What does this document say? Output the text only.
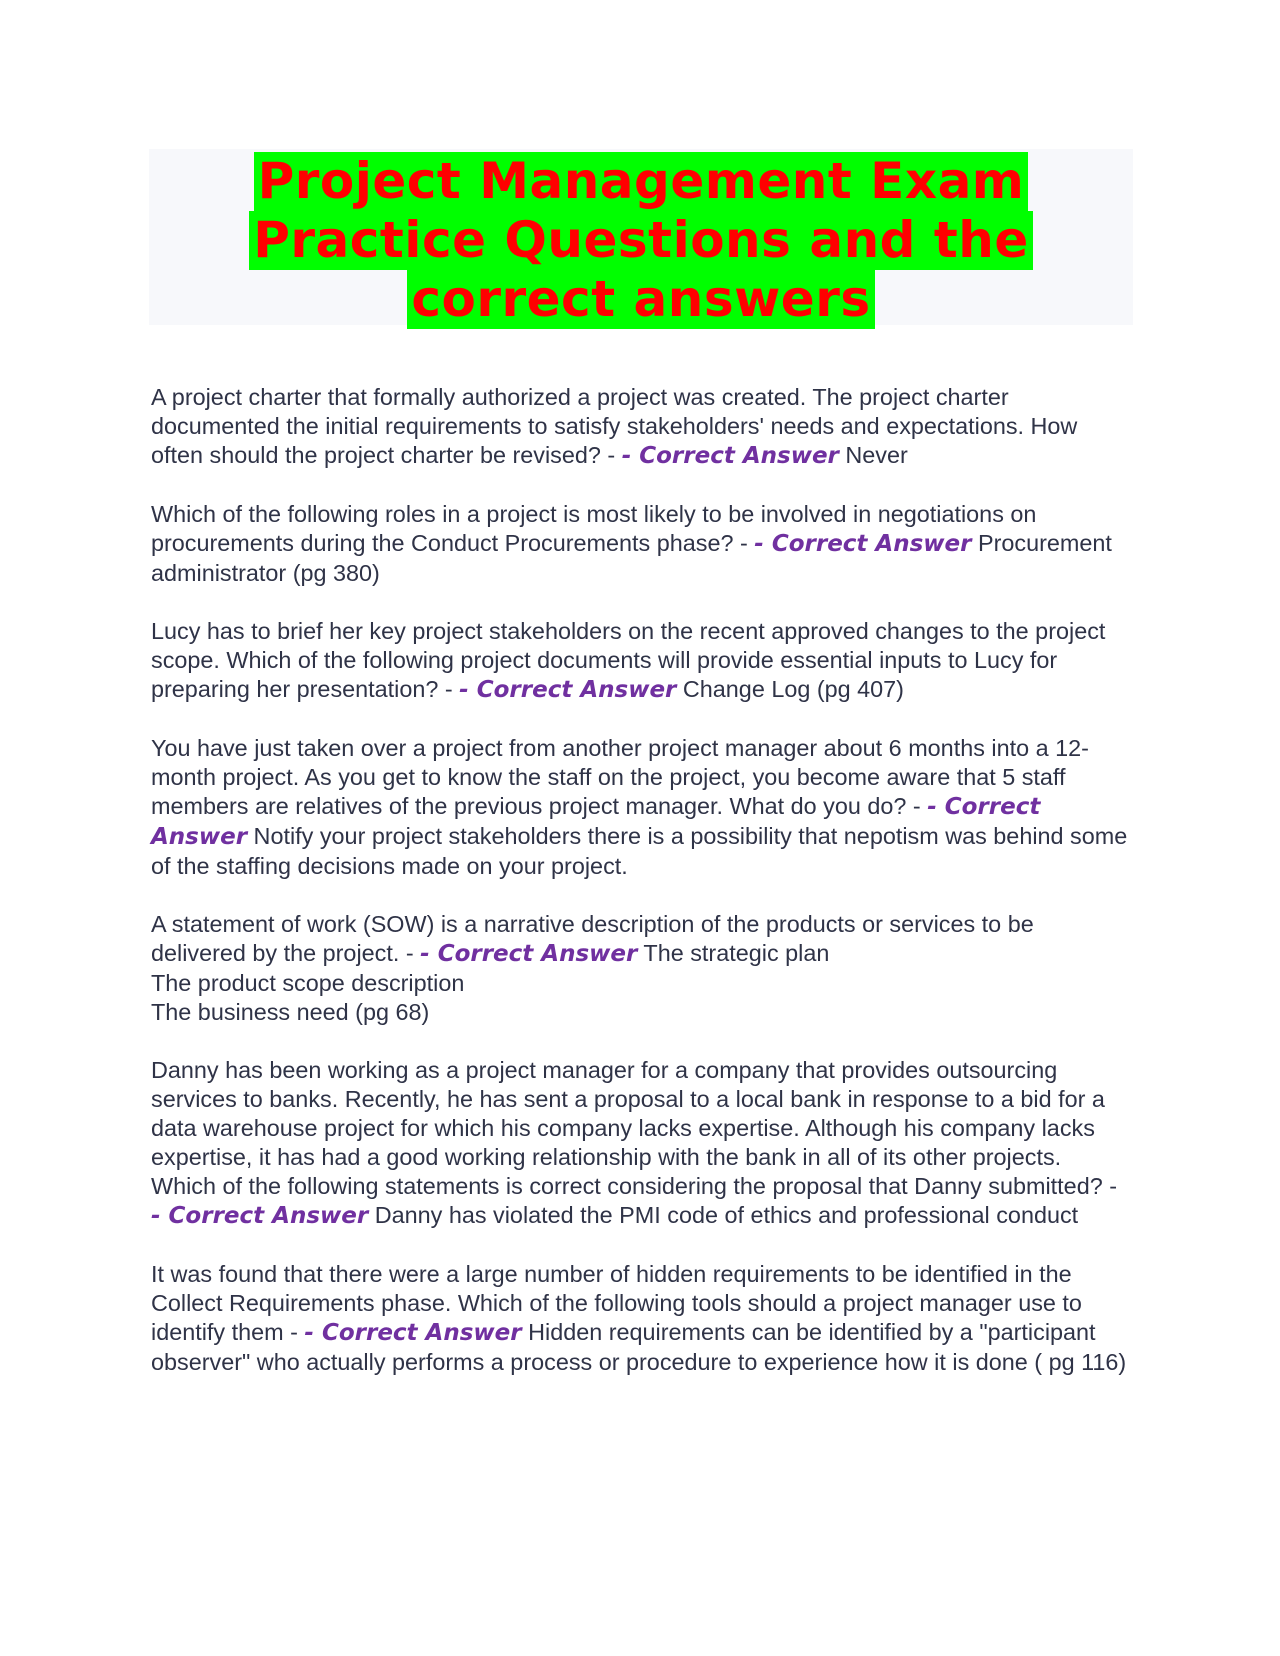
Project Management Exam
Practice Questions and the
correct answers

A project charter that formally authorized a project was created. The project charter documented the initial requirements to satisfy stakeholders' needs and expectations. How often should the project charter be revised? - - Correct Answer Never

Which of the following roles in a project is most likely to be involved in negotiations on procurements during the Conduct Procurements phase? - - Correct Answer Procurement administrator (pg 380)

Lucy has to brief her key project stakeholders on the recent approved changes to the project scope. Which of the following project documents will provide essential inputs to Lucy for preparing her presentation? - - Correct Answer Change Log (pg 407)

You have just taken over a project from another project manager about 6 months into a 12-month project. As you get to know the staff on the project, you become aware that 5 staff members are relatives of the previous project manager. What do you do? - - Correct Answer Notify your project stakeholders there is a possibility that nepotism was behind some of the staffing decisions made on your project.

A statement of work (SOW) is a narrative description of the products or services to be delivered by the project. - - Correct Answer The strategic plan
The product scope description
The business need (pg 68)

Danny has been working as a project manager for a company that provides outsourcing services to banks. Recently, he has sent a proposal to a local bank in response to a bid for a data warehouse project for which his company lacks expertise. Although his company lacks expertise, it has had a good working relationship with the bank in all of its other projects. Which of the following statements is correct considering the proposal that Danny submitted? - - Correct Answer Danny has violated the PMI code of ethics and professional conduct

It was found that there were a large number of hidden requirements to be identified in the Collect Requirements phase. Which of the following tools should a project manager use to identify them - - Correct Answer Hidden requirements can be identified by a "participant observer" who actually performs a process or procedure to experience how it is done ( pg 116)
